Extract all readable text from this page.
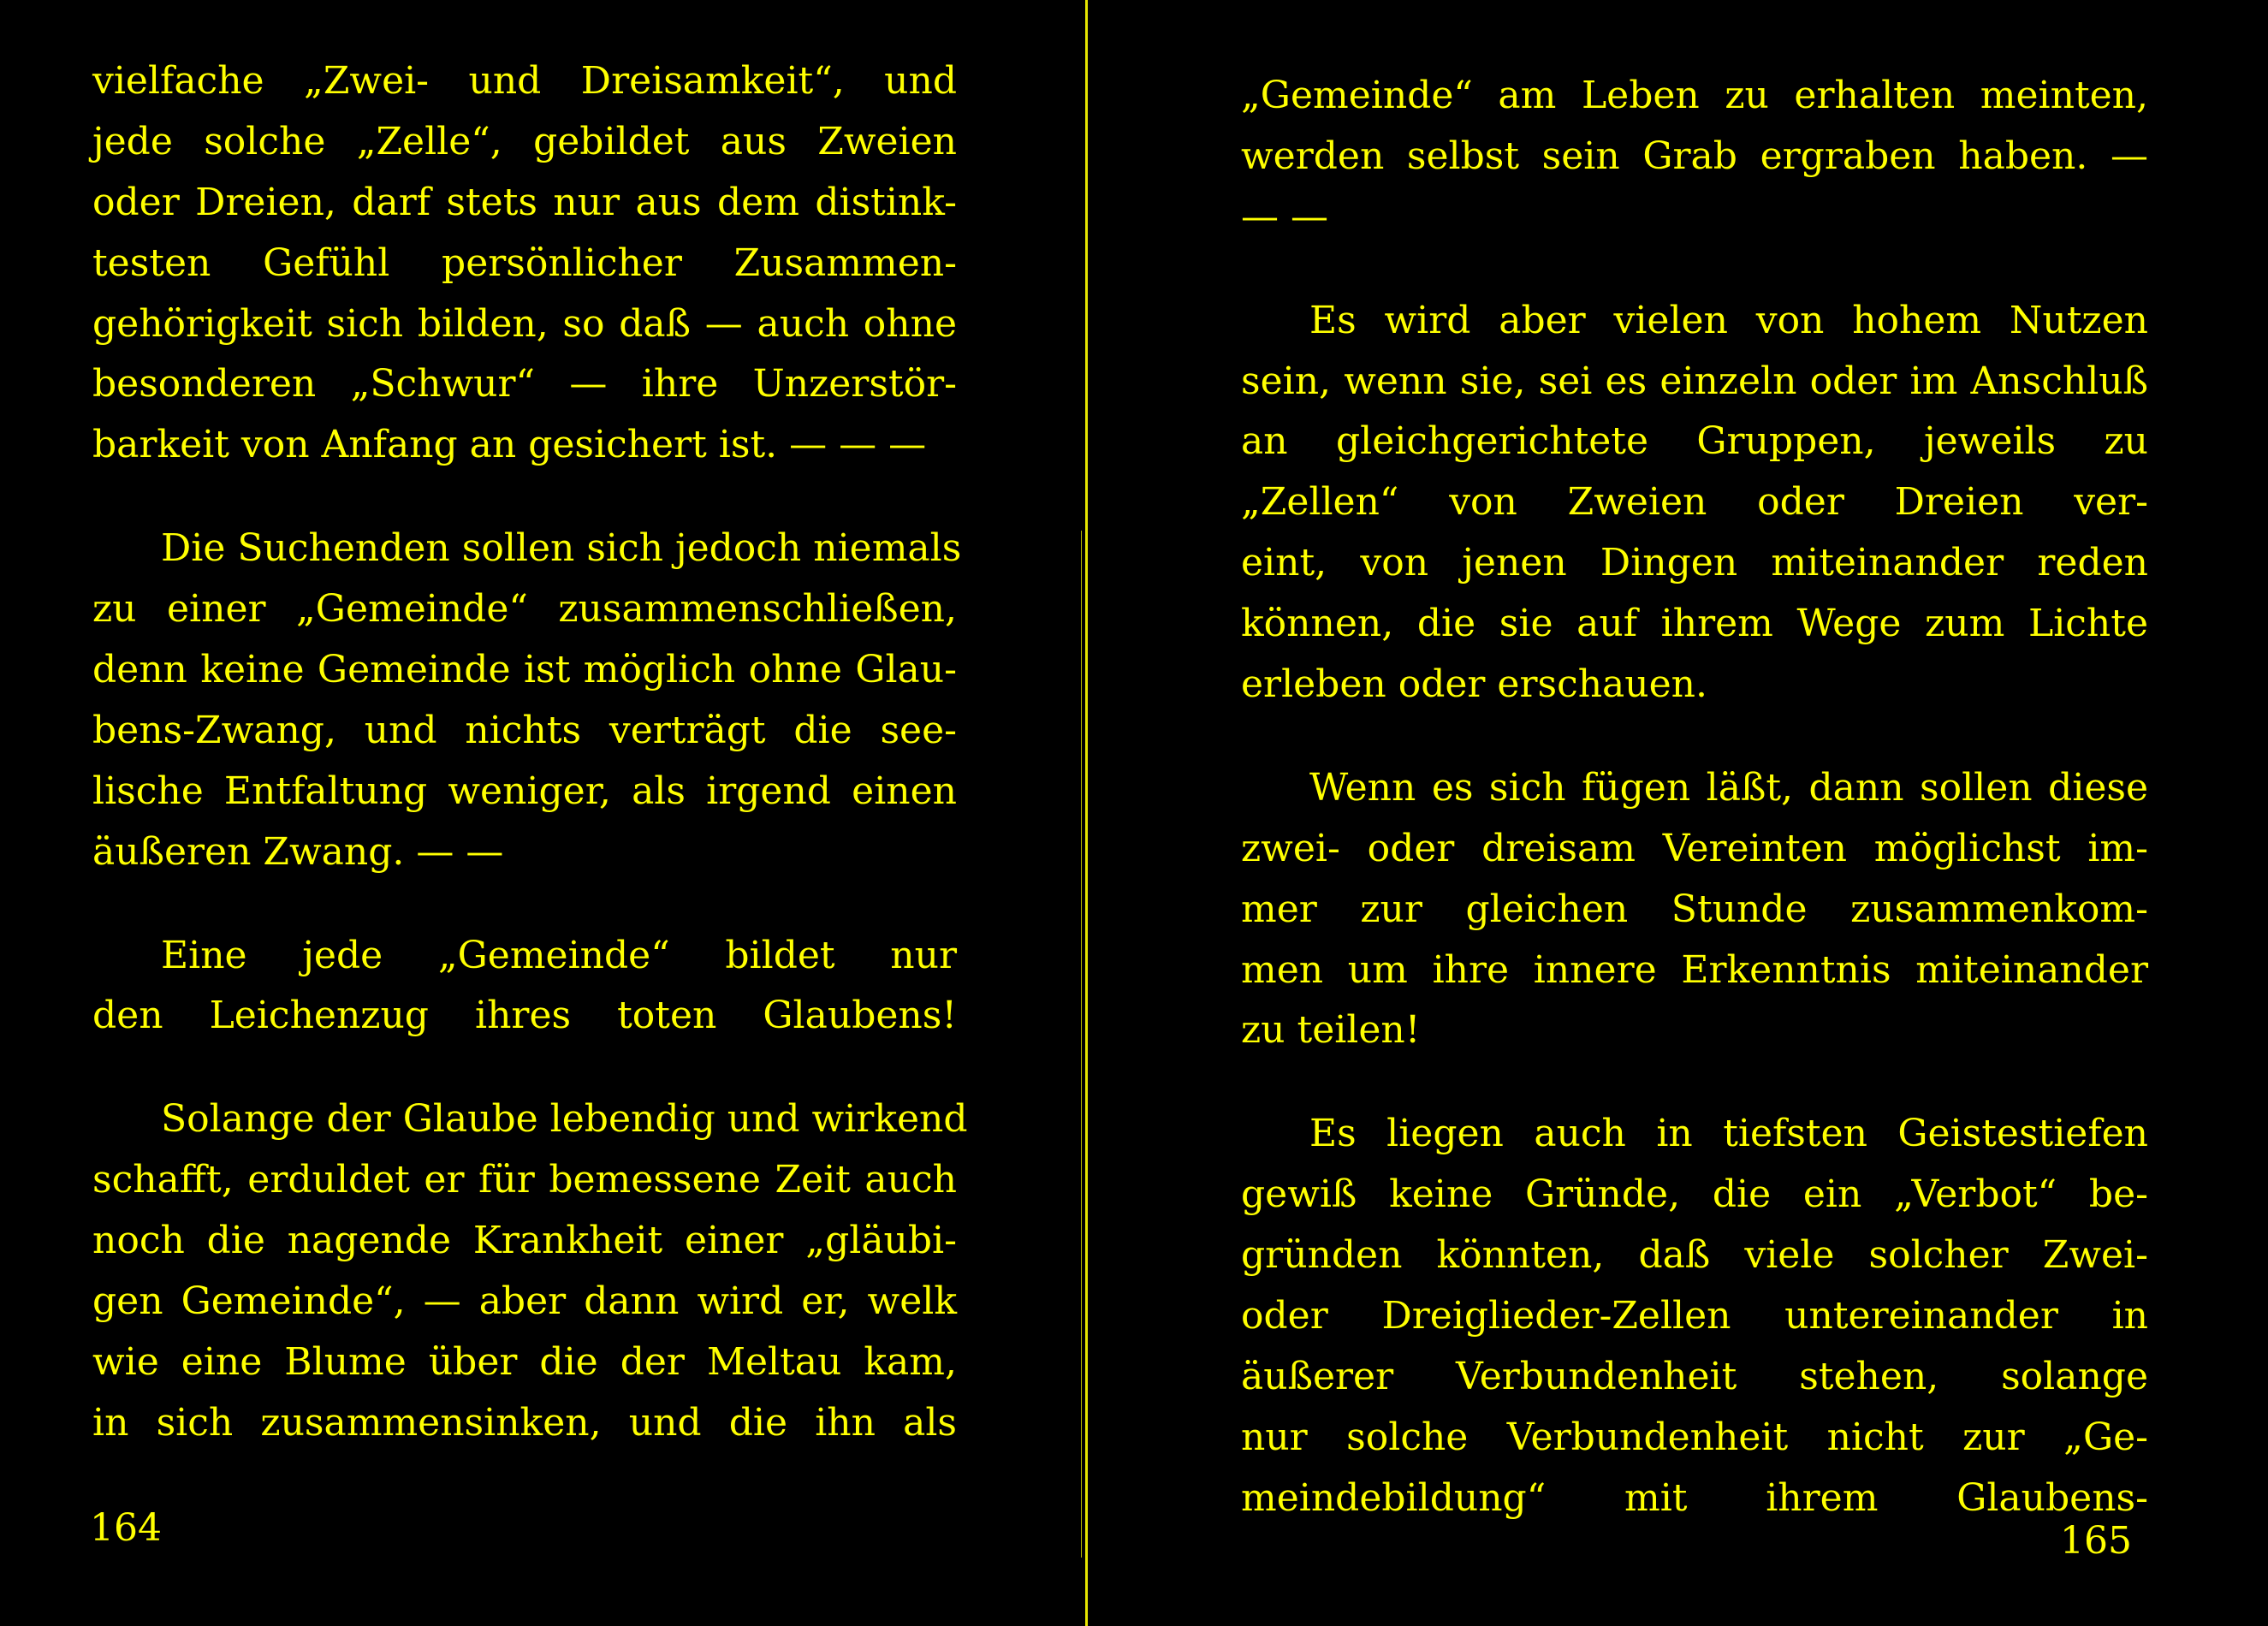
vielfache „Zwei- und Dreisamkeit“, und
jede solche „Zelle“, gebildet aus Zweien
oder Dreien, darf stets nur aus dem distink-
testen Gefühl persönlicher Zusammen-
gehörigkeit sich bilden, so daß — auch ohne
besonderen „Schwur“ — ihre Unzerstör-
barkeit von Anfang an gesichert ist. — — —

Die Suchenden sollen sich jedoch niemals
zu einer „Gemeinde“ zusammenschließen,
denn keine Gemeinde ist möglich ohne Glau-
bens-Zwang, und nichts verträgt die see-
lische Entfaltung weniger, als irgend einen
äußeren Zwang. — —

Eine jede „Gemeinde“ bildet nur
den Leichenzug ihres toten Glaubens!

Solange der Glaube lebendig und wirkend
schafft, erduldet er für bemessene Zeit auch
noch die nagende Krankheit einer „gläubi-
gen Gemeinde“, — aber dann wird er, welk
wie eine Blume über die der Meltau kam,
in sich zusammensinken, und die ihn als

164

„Gemeinde“ am Leben zu erhalten meinten,
werden selbst sein Grab ergraben haben. —
— —

Es wird aber vielen von hohem Nutzen
sein, wenn sie, sei es einzeln oder im Anschluß
an gleichgerichtete Gruppen, jeweils zu
„Zellen“ von Zweien oder Dreien ver-
eint, von jenen Dingen miteinander reden
können, die sie auf ihrem Wege zum Lichte
erleben oder erschauen.

Wenn es sich fügen läßt, dann sollen diese
zwei- oder dreisam Vereinten möglichst im-
mer zur gleichen Stunde zusammenkom-
men um ihre innere Erkenntnis miteinander
zu teilen!

Es liegen auch in tiefsten Geistestiefen
gewiß keine Gründe, die ein „Verbot“ be-
gründen könnten, daß viele solcher Zwei-
oder Dreiglieder-Zellen untereinander in
äußerer Verbundenheit stehen, solange
nur solche Verbundenheit nicht zur „Ge-
meindebildung“ mit ihrem Glaubens-

165
